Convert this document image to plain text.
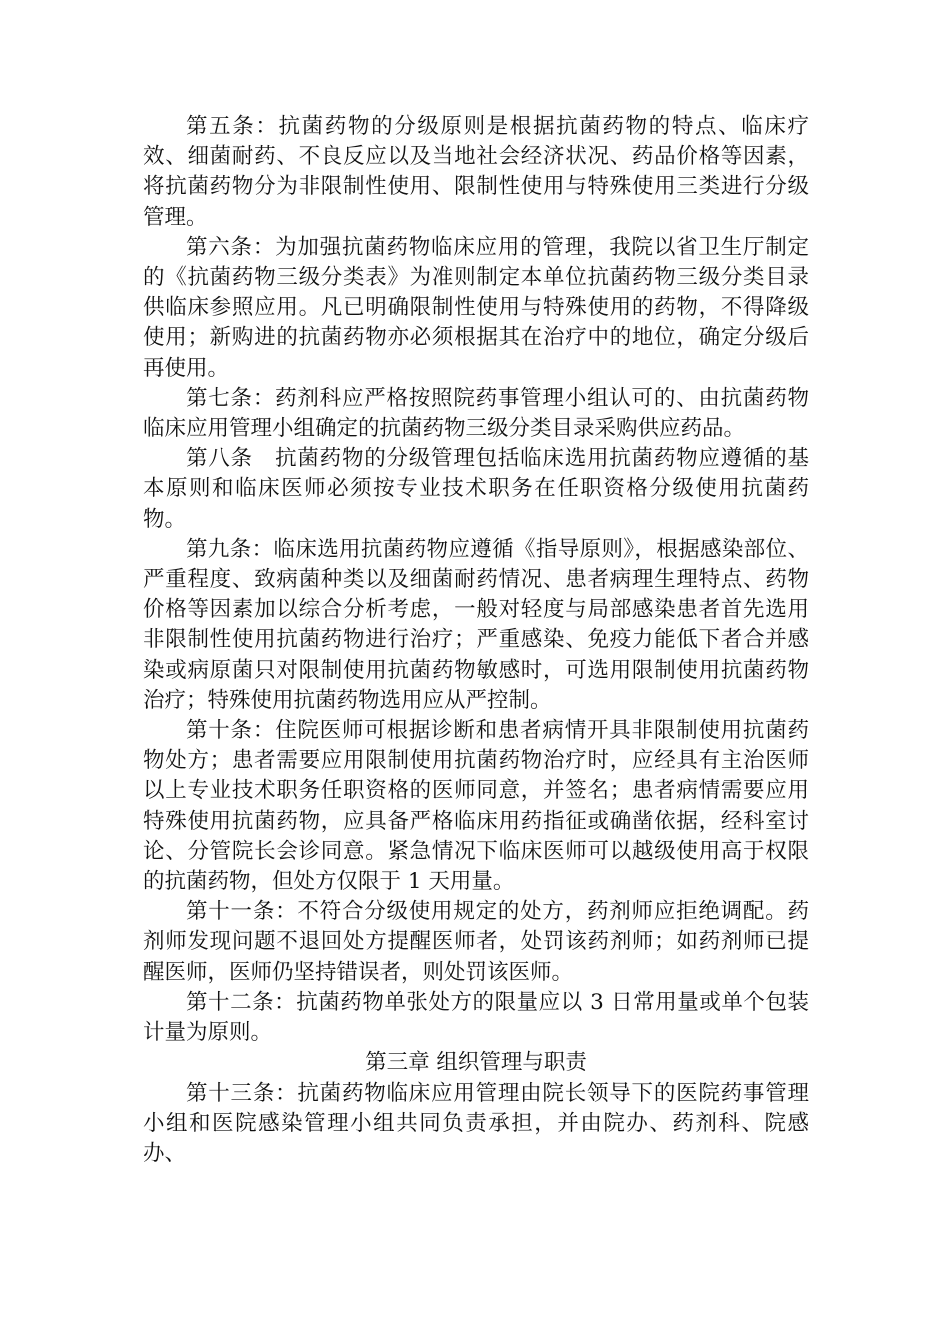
第五条：抗菌药物的分级原则是根据抗菌药物的特点、临床疗效、细菌耐药、不良反应以及当地社会经济状况、药品价格等因素，将抗菌药物分为非限制性使用、限制性使用与特殊使用三类进行分级管理。

第六条：为加强抗菌药物临床应用的管理，我院以省卫生厅制定的《抗菌药物三级分类表》为准则制定本单位抗菌药物三级分类目录供临床参照应用。凡已明确限制性使用与特殊使用的药物，不得降级使用；新购进的抗菌药物亦必须根据其在治疗中的地位，确定分级后再使用。

第七条：药剂科应严格按照院药事管理小组认可的、由抗菌药物临床应用管理小组确定的抗菌药物三级分类目录采购供应药品。

第八条　抗菌药物的分级管理包括临床选用抗菌药物应遵循的基本原则和临床医师必须按专业技术职务在任职资格分级使用抗菌药物。

第九条：临床选用抗菌药物应遵循《指导原则》，根据感染部位、严重程度、致病菌种类以及细菌耐药情况、患者病理生理特点、药物价格等因素加以综合分析考虑，一般对轻度与局部感染患者首先选用非限制性使用抗菌药物进行治疗；严重感染、免疫力能低下者合并感染或病原菌只对限制使用抗菌药物敏感时，可选用限制使用抗菌药物治疗；特殊使用抗菌药物选用应从严控制。

第十条：住院医师可根据诊断和患者病情开具非限制使用抗菌药物处方；患者需要应用限制使用抗菌药物治疗时，应经具有主治医师以上专业技术职务任职资格的医师同意，并签名；患者病情需要应用特殊使用抗菌药物，应具备严格临床用药指征或确凿依据，经科室讨论、分管院长会诊同意。紧急情况下临床医师可以越级使用高于权限的抗菌药物，但处方仅限于 1 天用量。

第十一条：不符合分级使用规定的处方，药剂师应拒绝调配。药剂师发现问题不退回处方提醒医师者，处罚该药剂师；如药剂师已提醒医师，医师仍坚持错误者，则处罚该医师。

第十二条：抗菌药物单张处方的限量应以 3 日常用量或单个包装计量为原则。

第三章 组织管理与职责

第十三条：抗菌药物临床应用管理由院长领导下的医院药事管理小组和医院感染管理小组共同负责承担，并由院办、药剂科、院感办、
